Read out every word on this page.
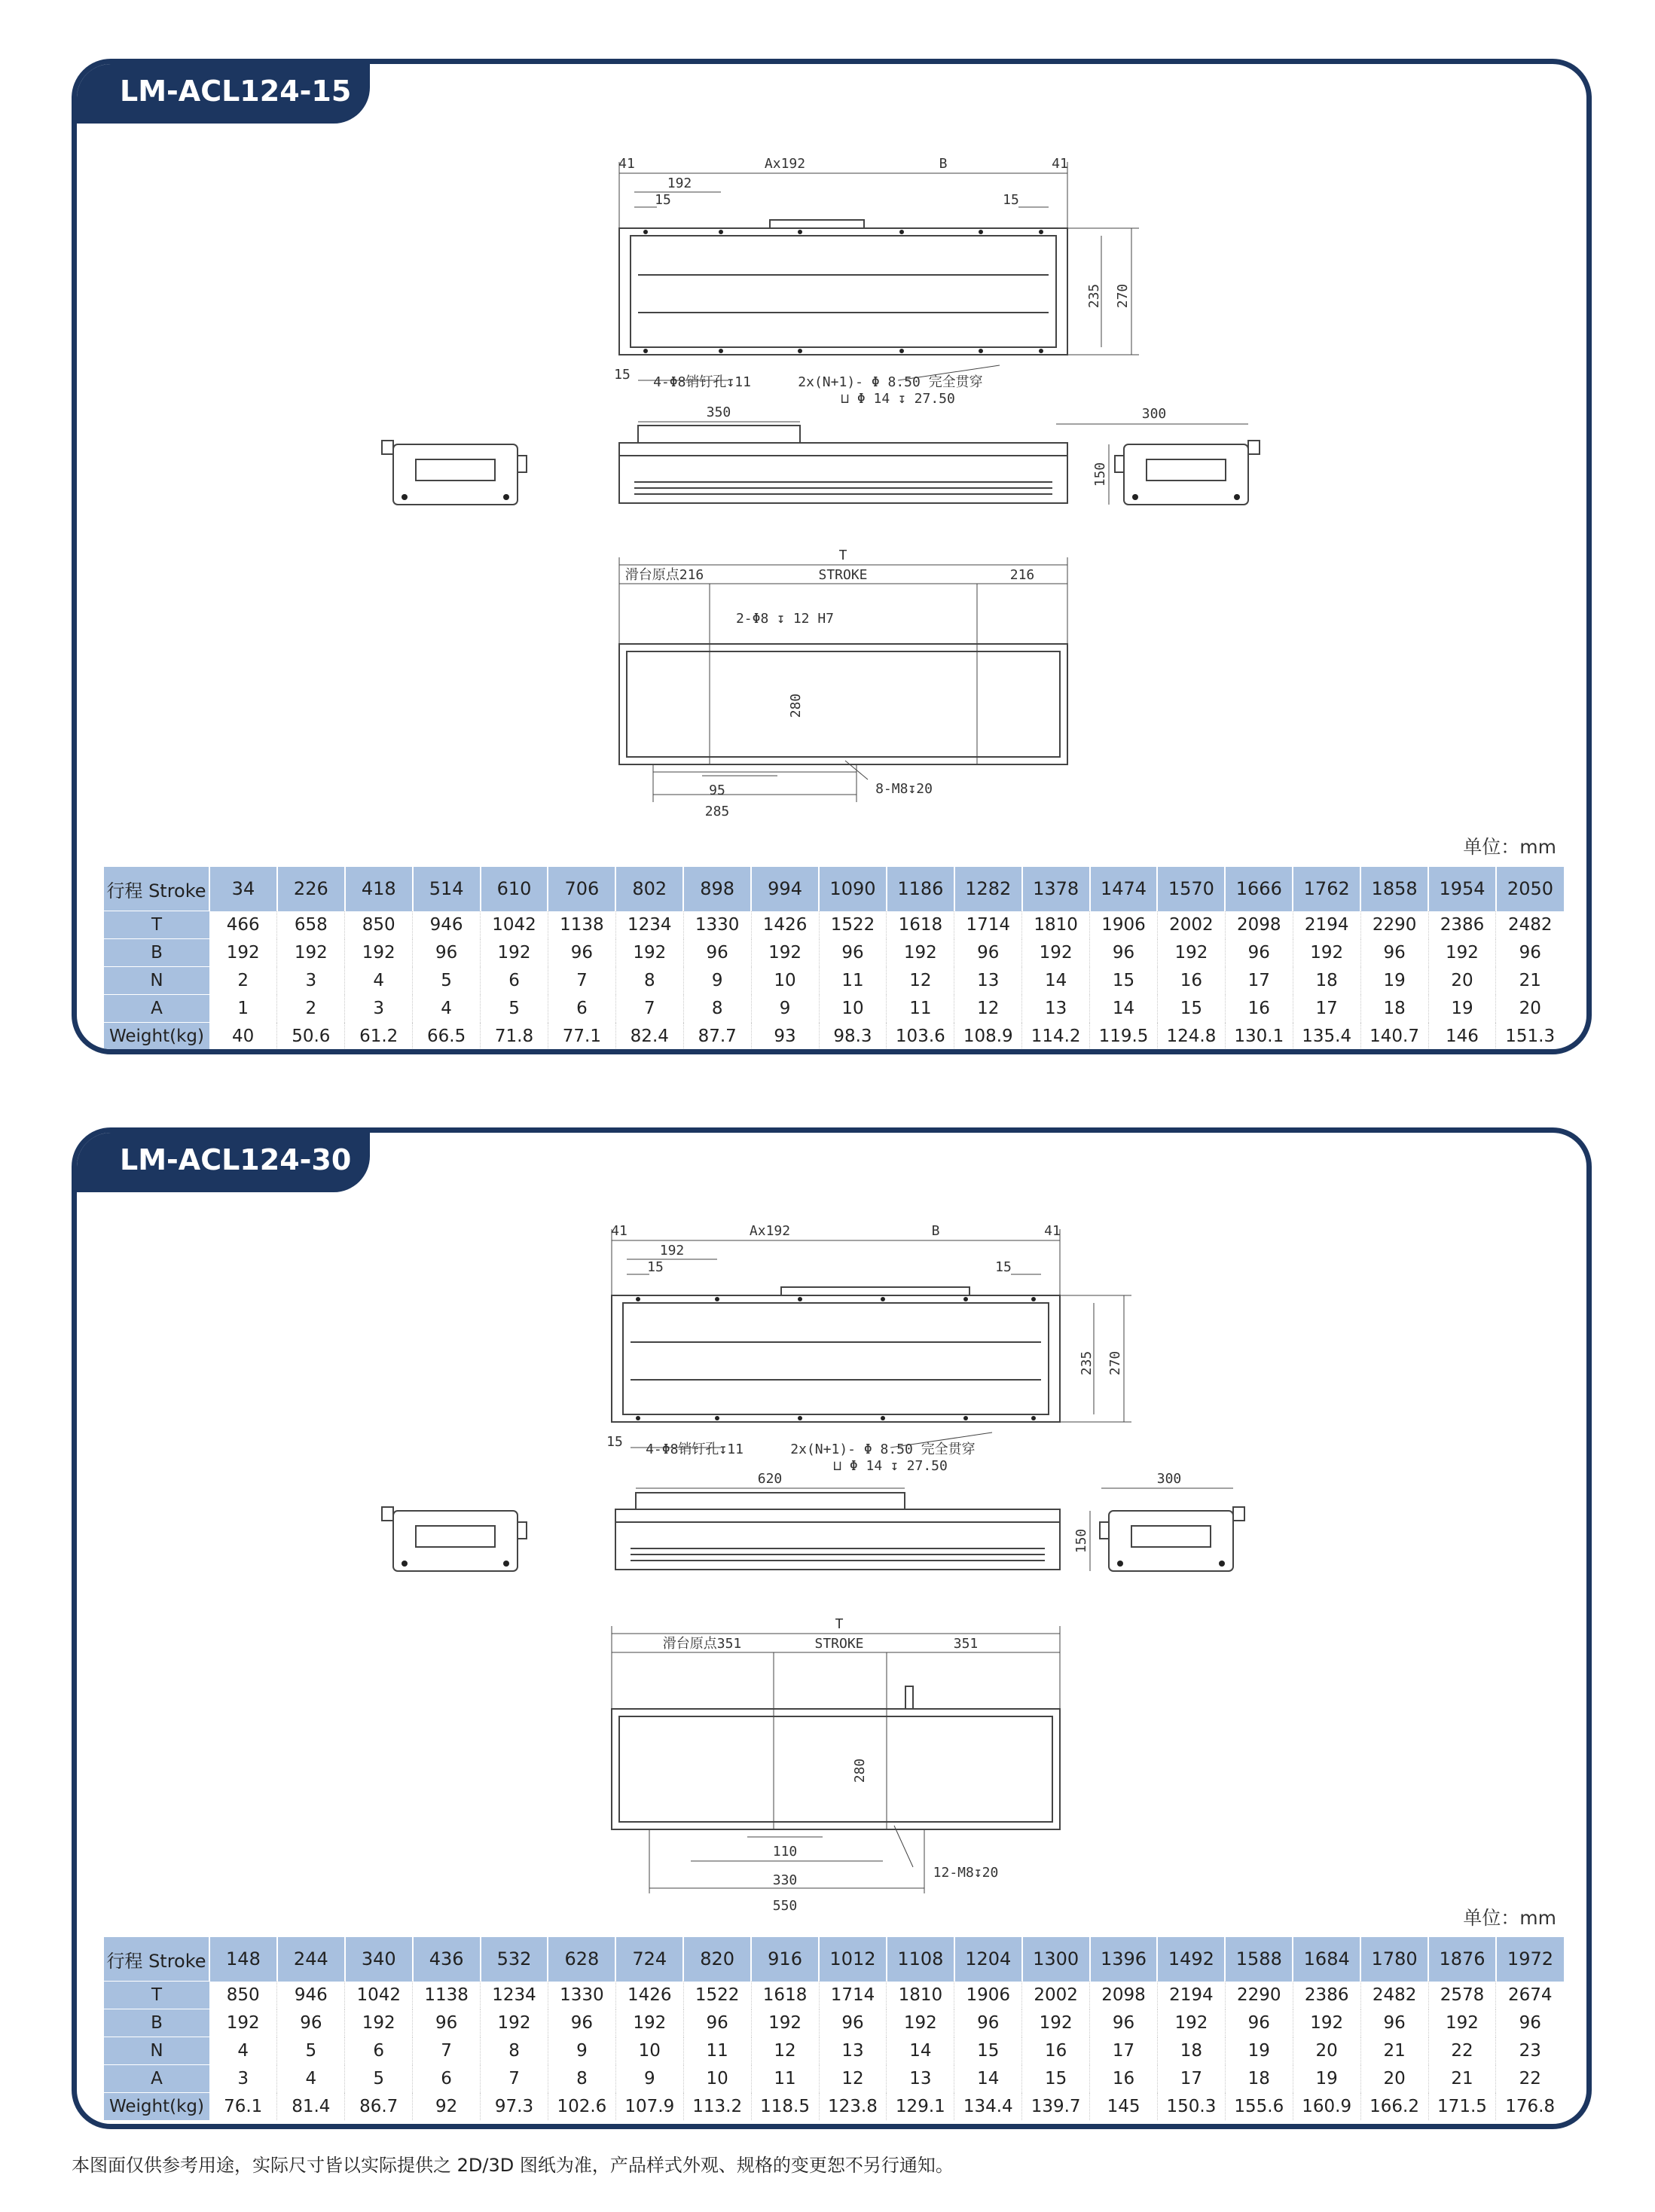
LM-ACL124-15
41	Ax192	B	41
192
15	15
235 270
15 4-Φ8销钉孔↧11	2x(N+1)- Φ 8.50 完全贯穿
⊔ Φ 14 ↧ 27.50
350	300
150
T
滑台原点216	STROKE	216
2-Φ8 ↧ 12 H7
280
95
285
8-M8↧20
单位：mm
行程 Stroke	34	226	418	514	610	706	802	898	994	1090	1186	1282	1378	1474	1570	1666	1762	1858	1954	2050
T	466	658	850	946	1042	1138	1234	1330	1426	1522	1618	1714	1810	1906	2002	2098	2194	2290	2386	2482
B	192	192	192	96	192	96	192	96	192	96	192	96	192	96	192	96	192	96	192	96
N	2	3	4	5	6	7	8	9	10	11	12	13	14	15	16	17	18	19	20	21
A	1	2	3	4	5	6	7	8	9	10	11	12	13	14	15	16	17	18	19	20
Weight(kg)	40	50.6	61.2	66.5	71.8	77.1	82.4	87.7	93	98.3	103.6	108.9	114.2	119.5	124.8	130.1	135.4	140.7	146	151.3
LM-ACL124-30
41	Ax192	B	41
192
15	15
235 270
15 4-Φ8销钉孔↧11	2x(N+1)- Φ 8.50 完全贯穿
⊔ Φ 14 ↧ 27.50
620	300
150
T
滑台原点351	STROKE	351
280
110
330
550
12-M8↧20
单位：mm
行程 Stroke	148	244	340	436	532	628	724	820	916	1012	1108	1204	1300	1396	1492	1588	1684	1780	1876	1972
T	850	946	1042	1138	1234	1330	1426	1522	1618	1714	1810	1906	2002	2098	2194	2290	2386	2482	2578	2674
B	192	96	192	96	192	96	192	96	192	96	192	96	192	96	192	96	192	96	192	96
N	4	5	6	7	8	9	10	11	12	13	14	15	16	17	18	19	20	21	22	23
A	3	4	5	6	7	8	9	10	11	12	13	14	15	16	17	18	19	20	21	22
Weight(kg)	76.1	81.4	86.7	92	97.3	102.6	107.9	113.2	118.5	123.8	129.1	134.4	139.7	145	150.3	155.6	160.9	166.2	171.5	176.8
本图面仅供参考用途，实际尺寸皆以实际提供之 2D/3D 图纸为准，产品样式外观、规格的变更恕不另行通知。
